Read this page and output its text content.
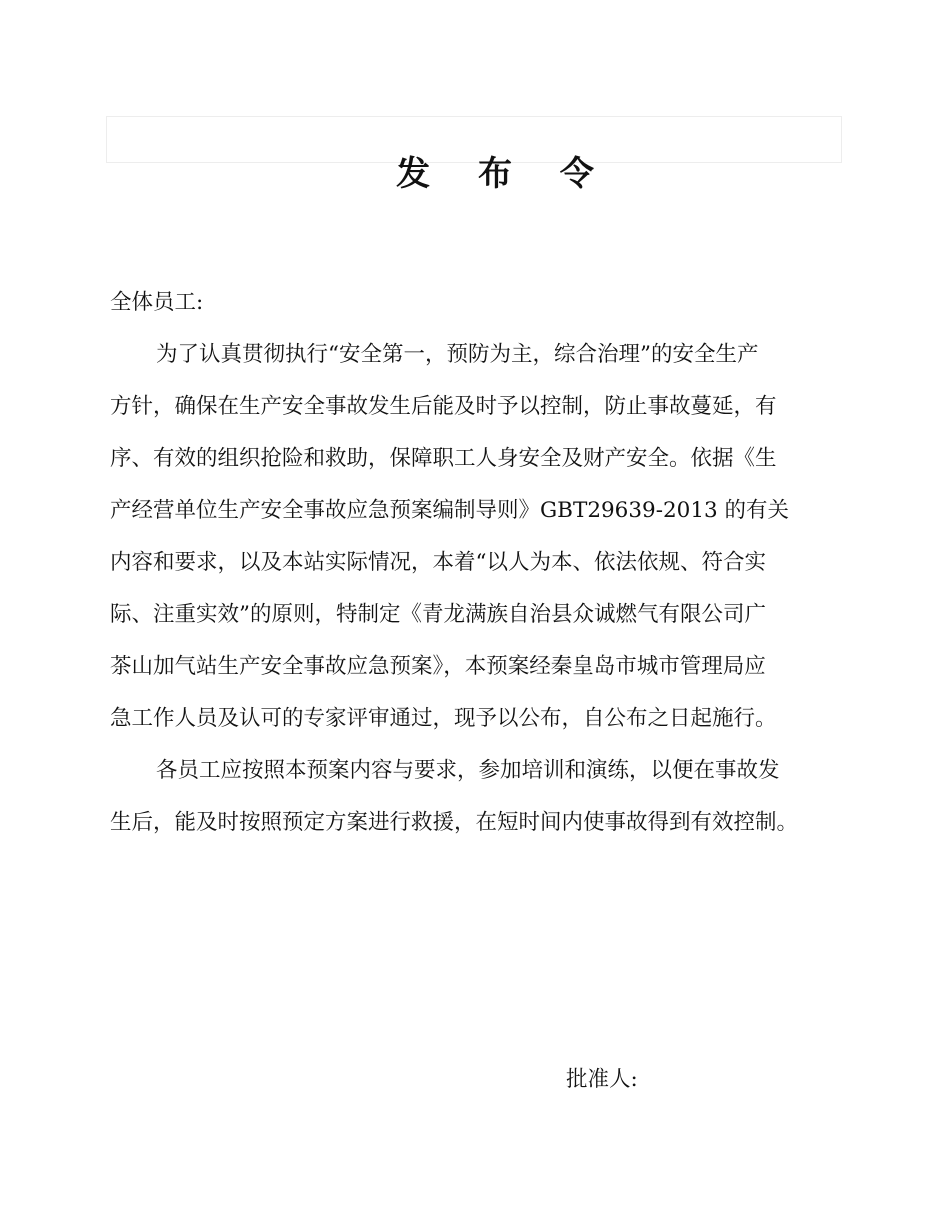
发 布 令

全体员工:

为了认真贯彻执行“安全第一，预防为主，综合治理”的安全生产
方针，确保在生产安全事故发生后能及时予以控制，防止事故蔓延，有
序、有效的组织抢险和救助，保障职工人身安全及财产安全。依据《生
产经营单位生产安全事故应急预案编制导则》GBT29639-2013 的有关
内容和要求，以及本站实际情况，本着“以人为本、依法依规、符合实
际、注重实效”的原则，特制定《青龙满族自治县众诚燃气有限公司广
茶山加气站生产安全事故应急预案》，本预案经秦皇岛市城市管理局应
急工作人员及认可的专家评审通过，现予以公布，自公布之日起施行。
各员工应按照本预案内容与要求，参加培训和演练，以便在事故发
生后，能及时按照预定方案进行救援，在短时间内使事故得到有效控制。

批准人:
